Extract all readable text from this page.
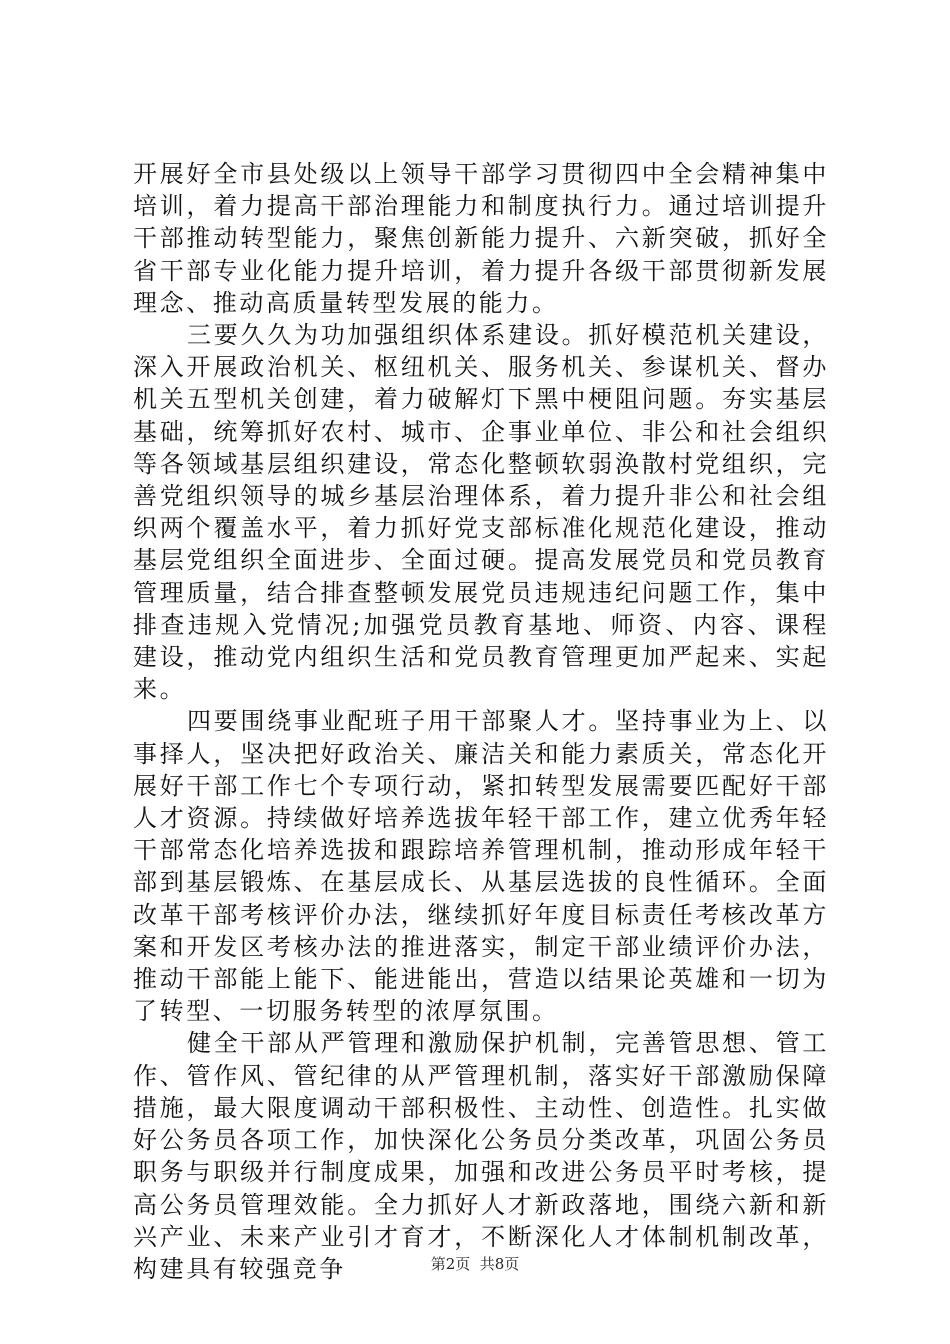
开展好全市县处级以上领导干部学习贯彻四中全会精神集中培训，着力提高干部治理能力和制度执行力。通过培训提升干部推动转型能力，聚焦创新能力提升、六新突破，抓好全省干部专业化能力提升培训，着力提升各级干部贯彻新发展理念、推动高质量转型发展的能力。

三要久久为功加强组织体系建设。抓好模范机关建设，深入开展政治机关、枢纽机关、服务机关、参谋机关、督办机关五型机关创建，着力破解灯下黑中梗阻问题。夯实基层基础，统筹抓好农村、城市、企事业单位、非公和社会组织等各领域基层组织建设，常态化整顿软弱涣散村党组织，完善党组织领导的城乡基层治理体系，着力提升非公和社会组织两个覆盖水平，着力抓好党支部标准化规范化建设，推动基层党组织全面进步、全面过硬。提高发展党员和党员教育管理质量，结合排查整顿发展党员违规违纪问题工作，集中排查违规入党情况;加强党员教育基地、师资、内容、课程建设，推动党内组织生活和党员教育管理更加严起来、实起来。

四要围绕事业配班子用干部聚人才。坚持事业为上、以事择人，坚决把好政治关、廉洁关和能力素质关，常态化开展好干部工作七个专项行动，紧扣转型发展需要匹配好干部人才资源。持续做好培养选拔年轻干部工作，建立优秀年轻干部常态化培养选拔和跟踪培养管理机制，推动形成年轻干部到基层锻炼、在基层成长、从基层选拔的良性循环。全面改革干部考核评价办法，继续抓好年度目标责任考核改革方案和开发区考核办法的推进落实，制定干部业绩评价办法，推动干部能上能下、能进能出，营造以结果论英雄和一切为了转型、一切服务转型的浓厚氛围。

健全干部从严管理和激励保护机制，完善管思想、管工作、管作风、管纪律的从严管理机制，落实好干部激励保障措施，最大限度调动干部积极性、主动性、创造性。扎实做好公务员各项工作，加快深化公务员分类改革，巩固公务员职务与职级并行制度成果，加强和改进公务员平时考核，提高公务员管理效能。全力抓好人才新政落地，围绕六新和新兴产业、未来产业引才育才，不断深化人才体制机制改革，构建具有较强竞争	第2页  共8页
